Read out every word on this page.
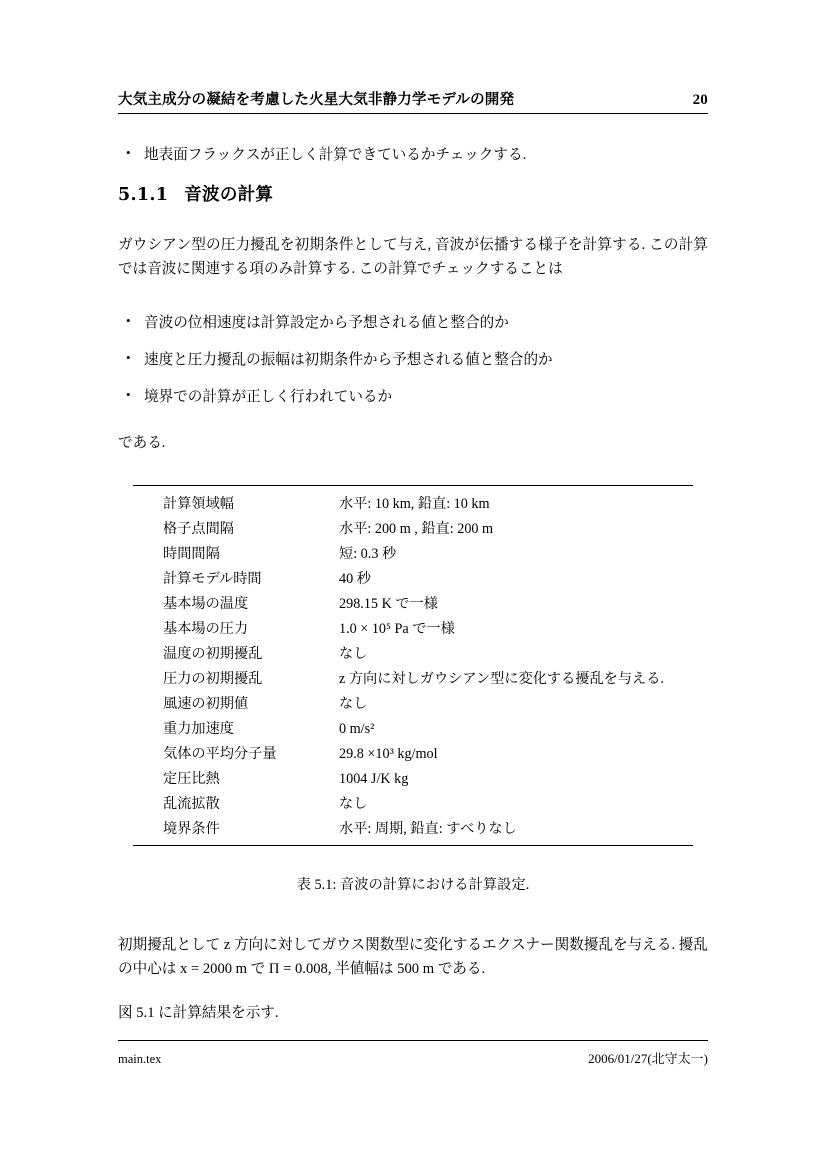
大気主成分の凝結を考慮した火星大気非静力学モデルの開発	20
• 地表面フラックスが正しく計算できているかチェックする.
5.1.1 音波の計算

ガウシアン型の圧力擾乱を初期条件として与え, 音波が伝播する様子を計算する. この計算では音波に関連する項のみ計算する. この計算でチェックすることは

• 音波の位相速度は計算設定から予想される値と整合的か
• 速度と圧力擾乱の振幅は初期条件から予想される値と整合的か
• 境界での計算が正しく行われているか

である.

計算領域幅	水平: 10 km, 鉛直: 10 km
格子点間隔	水平: 200 m , 鉛直: 200 m
時間間隔	短: 0.3 秒
計算モデル時間	40 秒
基本場の温度	298.15 K で一様
基本場の圧力	1.0 × 10⁵ Pa で一様
温度の初期擾乱	なし
圧力の初期擾乱	z 方向に対しガウシアン型に変化する擾乱を与える.
風速の初期値	なし
重力加速度	0 m/s²
気体の平均分子量	29.8 ×10³ kg/mol
定圧比熱	1004 J/K kg
乱流拡散	なし
境界条件	水平: 周期, 鉛直: すべりなし
表 5.1: 音波の計算における計算設定.

初期擾乱として z 方向に対してガウス関数型に変化するエクスナー関数擾乱を与える. 擾乱の中心は x = 2000 m で Π = 0.008, 半値幅は 500 m である.

図 5.1 に計算結果を示す.

main.tex	2006/01/27(北守太一)
